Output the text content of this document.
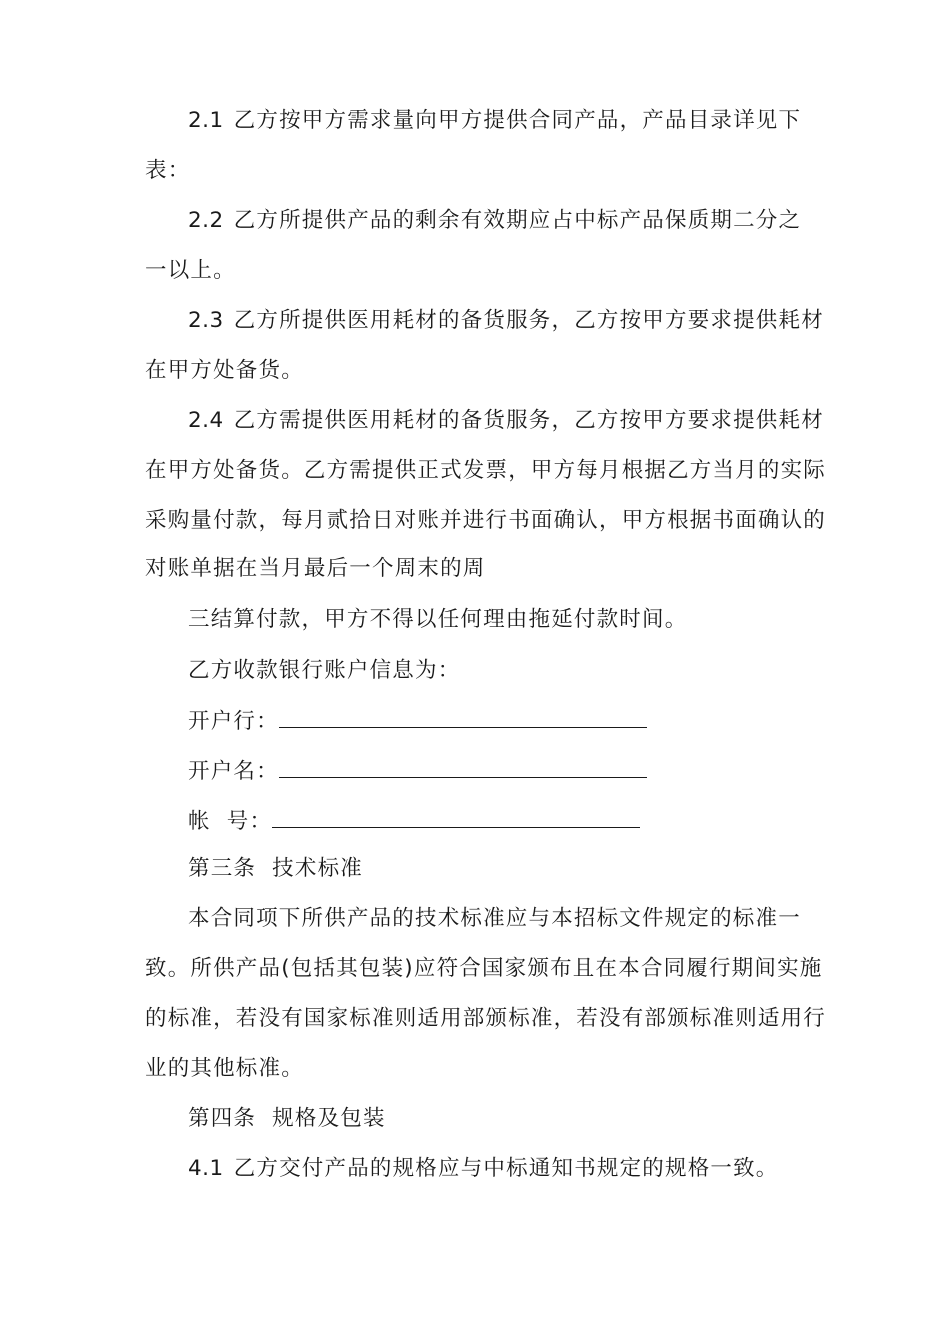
2.1 乙方按甲方需求量向甲方提供合同产品，产品目录详见下
表：
2.2 乙方所提供产品的剩余有效期应占中标产品保质期二分之
一以上。
2.3 乙方所提供医用耗材的备货服务，乙方按甲方要求提供耗材
在甲方处备货。
2.4 乙方需提供医用耗材的备货服务，乙方按甲方要求提供耗材
在甲方处备货。乙方需提供正式发票，甲方每月根据乙方当月的实际
采购量付款，每月贰拾日对账并进行书面确认，甲方根据书面确认的
对账单据在当月最后一个周末的周
三结算付款，甲方不得以任何理由拖延付款时间。
乙方收款银行账户信息为：
开户行：
开户名：
帐  号：
第三条  技术标准
本合同项下所供产品的技术标准应与本招标文件规定的标准一
致。所供产品(包括其包装)应符合国家颁布且在本合同履行期间实施
的标准，若没有国家标准则适用部颁标准，若没有部颁标准则适用行
业的其他标准。
第四条  规格及包装
4.1 乙方交付产品的规格应与中标通知书规定的规格一致。
